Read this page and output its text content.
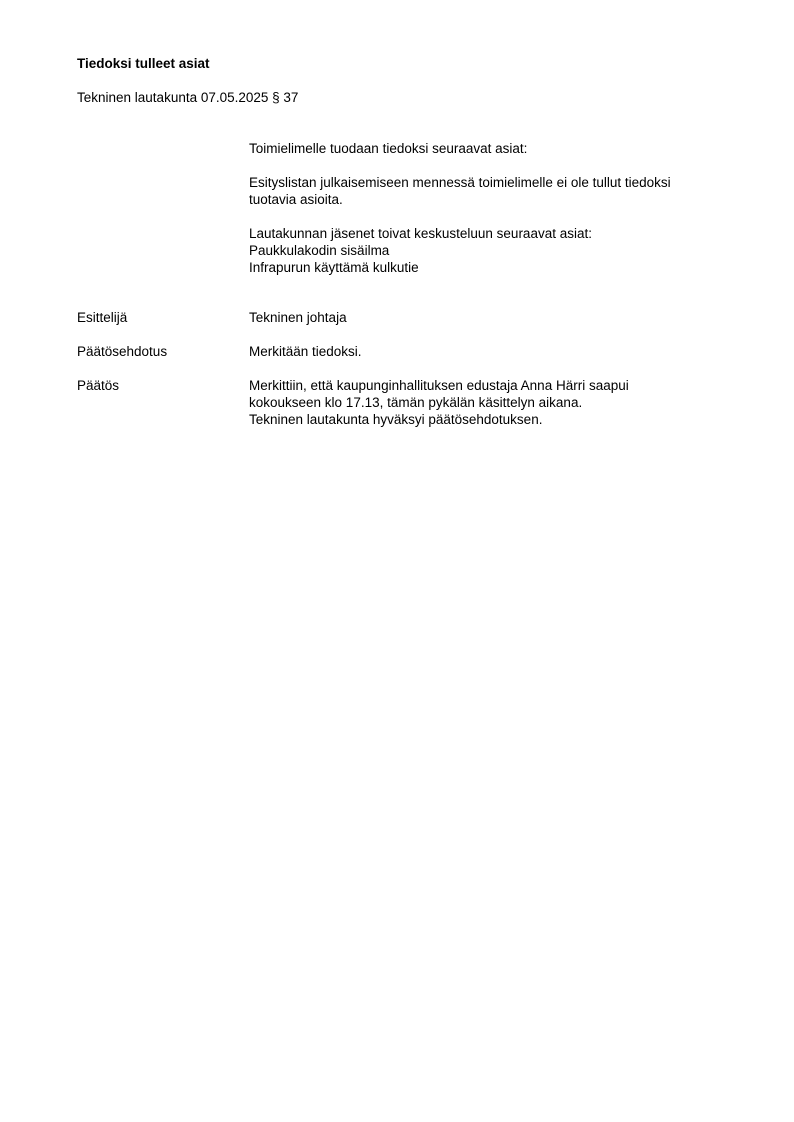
Tiedoksi tulleet asiat
Tekninen lautakunta 07.05.2025 § 37
Toimielimelle tuodaan tiedoksi seuraavat asiat:
Esityslistan julkaisemiseen mennessä toimielimelle ei ole tullut tiedoksi
tuotavia asioita.
Lautakunnan jäsenet toivat keskusteluun seuraavat asiat:
Paukkulakodin sisäilma
Infrapurun käyttämä kulkutie
Esittelijä	Tekninen johtaja
Päätösehdotus	Merkitään tiedoksi.
Päätös	Merkittiin, että kaupunginhallituksen edustaja Anna Härri saapui
kokoukseen klo 17.13, tämän pykälän käsittelyn aikana.
Tekninen lautakunta hyväksyi päätösehdotuksen.
